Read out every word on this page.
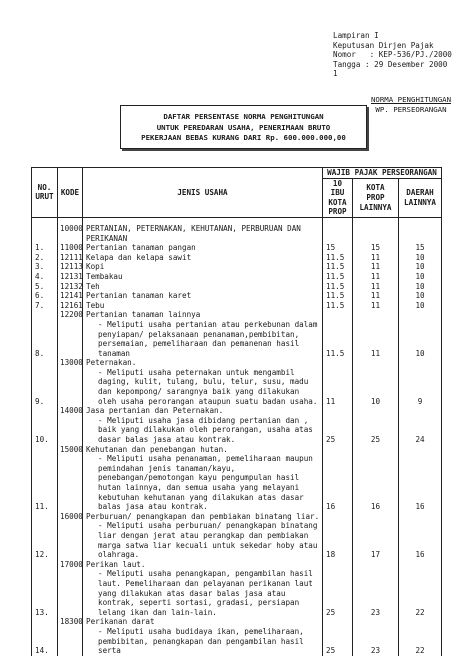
Lampiran I
Keputusan Dirjen Pajak
Nomor   : KEP-536/PJ./2000
Tangga : 29 Desember 2000
1
NORMA PENGHITUNGAN
WP. PERSEORANGAN
DAFTAR PERSENTASE NORMA PENGHITUNGAN
UNTUK PEREDARAN USAHA, PENERIMAAN BRUTO
PEKERJAAN BEBAS KURANG DARI Rp. 600.000.000,00
NO. URUT	KODE	JENIS USAHA	WAJIB PAJAK PERSEORANGAN		
			10 IBU KOTA PROP	KOTA PROP LAINNYA	DAERAH LAINNYA

	10000	PERTANIAN, PETERNAKAN, KEHUTANAN, PERBURUAN DAN PERIKANAN			
1.	11000	Pertanian tanaman pangan	15	15	15
2.	12111	Kelapa dan kelapa sawit	11.5	11	10
3.	12113	Kopi	11.5	11	10
4.	12131	Tembakau	11.5	11	10
5.	12132	Teh	11.5	11	10
6.	12141	Pertanian tanaman karet	11.5	11	10
7.	12161	Tebu	11.5	11	10
8.	12200	Pertanian tanaman lainnya
- Meliputi usaha pertanian atau perkebunan dalam penyiapan/ pelaksanaan penanaman,pembibitan, persemaian, pemeliharaan dan pemanenan hasil tanaman	11.5	11	10
9.	13000	Peternakan.
- Meliputi usaha peternakan untuk mengambil daging, kulit, tulang, bulu, telur, susu, madu dan kepompong/ sarangnya baik yang dilakukan oleh usaha perorangan ataupun suatu badan usaha.	11	10	9
10.	14000	Jasa pertanian dan Peternakan.
- Meliputi usaha jasa dibidang pertanian dan , baik yang dilakukan oleh perorangan, usaha atas dasar balas jasa atau kontrak.	25	25	24
11.	15000	Kehutanan dan penebangan hutan.
- Meliputi usaha penanaman, pemeliharaan maupun pemindahan jenis tanaman/kayu, penebangan/pemotongan kayu pengumpulan hasil hutan lainnya, dan semua usaha yang melayani kebutuhan kehutanan yang dilakukan atas dasar balas jasa atau kontrak.	16	16	16
12.	16000	Perburuan/ penangkapan dan pembiakan binatang liar.
- Meliputi usaha perburuan/ penangkapan binatang liar dengan jerat atau perangkap dan pembiakan marga satwa liar kecuali untuk sekedar hoby atau olahraga.	18	17	16
13.	17000	Perikan laut.
- Meliputi usaha penangkapan, pengambilan hasil laut. Pemeliharaan dan pelayanan perikanan laut yang dilakukan atas dasar balas jasa atau kontrak, seperti sortasi, gradasi, persiapan lelang ikan dan lain-lain.	25	23	22
14.	18300	Perikanan darat
- Meliputi usaha budidaya ikan, pemeliharaan, pembibitan, penangkapan dan pengambilan hasil serta	25	23	22
